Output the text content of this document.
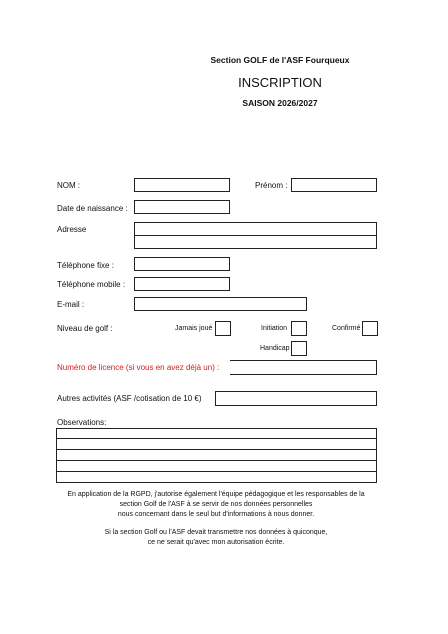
Section GOLF de l'ASF Fourqueux
INSCRIPTION
SAISON 2026/2027
NOM :	Prénom :
Date de naissance :
Adresse
Téléphone fixe :
Téléphone mobile :
E-mail :
Niveau de golf :	Jamais joué	Initiation	Confirmé
Handicap
Numéro de licence (si vous en avez déjà un) :
Autres activités (ASF /cotisation de 10 €)
Observations:
En application de la RGPD, j'autorise également l'équipe pédagogique et les responsables de la
section Golf de l'ASF à se servir de nos données personnelles
nous concernant dans le seul but d'informations à nous donner.
Si la section Golf ou l'ASF devait transmettre nos données à quiconque,
ce ne serait qu'avec mon autorisation écrite.
